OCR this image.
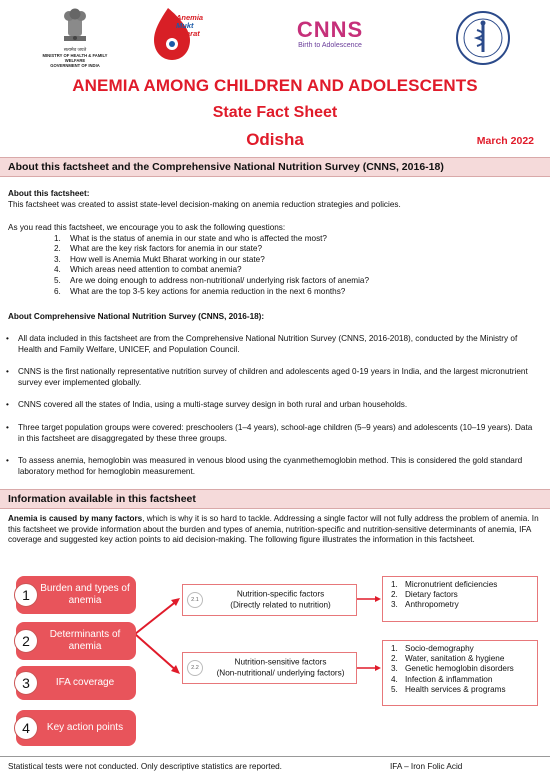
सत्यमेव जयते
MINISTRY OF HEALTH & FAMILY WELFARE
GOVERNMENT OF INDIA
Anemia
Mukt
Bharat	CNNS
Birth to Adolescence
ANEMIA AMONG CHILDREN AND ADOLESCENTS
State Fact Sheet
Odisha	March 2022
About this factsheet and the Comprehensive National Nutrition Survey (CNNS, 2016-18)
About this factsheet:
This factsheet was created to assist state-level decision-making on anemia reduction strategies and policies.
As you read this factsheet, we encourage you to ask the following questions:
1. What is the status of anemia in our state and who is affected the most?
2. What are the key risk factors for anemia in our state?
3. How well is Anemia Mukt Bharat working in our state?
4. Which areas need attention to combat anemia?
5. Are we doing enough to address non-nutritional/ underlying risk factors of anemia?
6. What are the top 3-5 key actions for anemia reduction in the next 6 months?
About Comprehensive National Nutrition Survey (CNNS, 2016-18):
• All data included in this factsheet are from the Comprehensive National Nutrition Survey (CNNS, 2016-2018), conducted by the Ministry of Health and Family Welfare, UNICEF, and Population Council.
• CNNS is the first nationally representative nutrition survey of children and adolescents aged 0-19 years in India, and the largest micronutrient survey ever implemented globally.
• CNNS covered all the states of India, using a multi-stage survey design in both rural and urban households.
• Three target population groups were covered: preschoolers (1–4 years), school-age children (5–9 years) and adolescents (10–19 years). Data in this factsheet are disaggregated by these three groups.
• To assess anemia, hemoglobin was measured in venous blood using the cyanmethemoglobin method. This is considered the gold standard laboratory method for hemoglobin measurement.
Information available in this factsheet
Anemia is caused by many factors, which is why it is so hard to tackle. Addressing a single factor will not fully address the problem of anemia. In this factsheet we provide information about the burden and types of anemia, nutrition-specific and nutrition-sensitive determinants of anemia, IFA coverage and suggested key action points to aid decision-making. The following figure illustrates the information in this factsheet.
1	Burden and types of anemia
2	Determinants of anemia
3	IFA coverage
4	Key action points
2.1
Nutrition-specific factors
(Directly related to nutrition)
2.2
Nutrition-sensitive factors
(Non-nutritional/ underlying factors)
1. Micronutrient deficiencies
2. Dietary factors
3. Anthropometry
1. Socio-demography
2. Water, sanitation & hygiene
3. Genetic hemoglobin disorders
4. Infection & inflammation
5. Health services & programs
Statistical tests were not conducted. Only descriptive statistics are reported.	IFA – Iron Folic Acid
